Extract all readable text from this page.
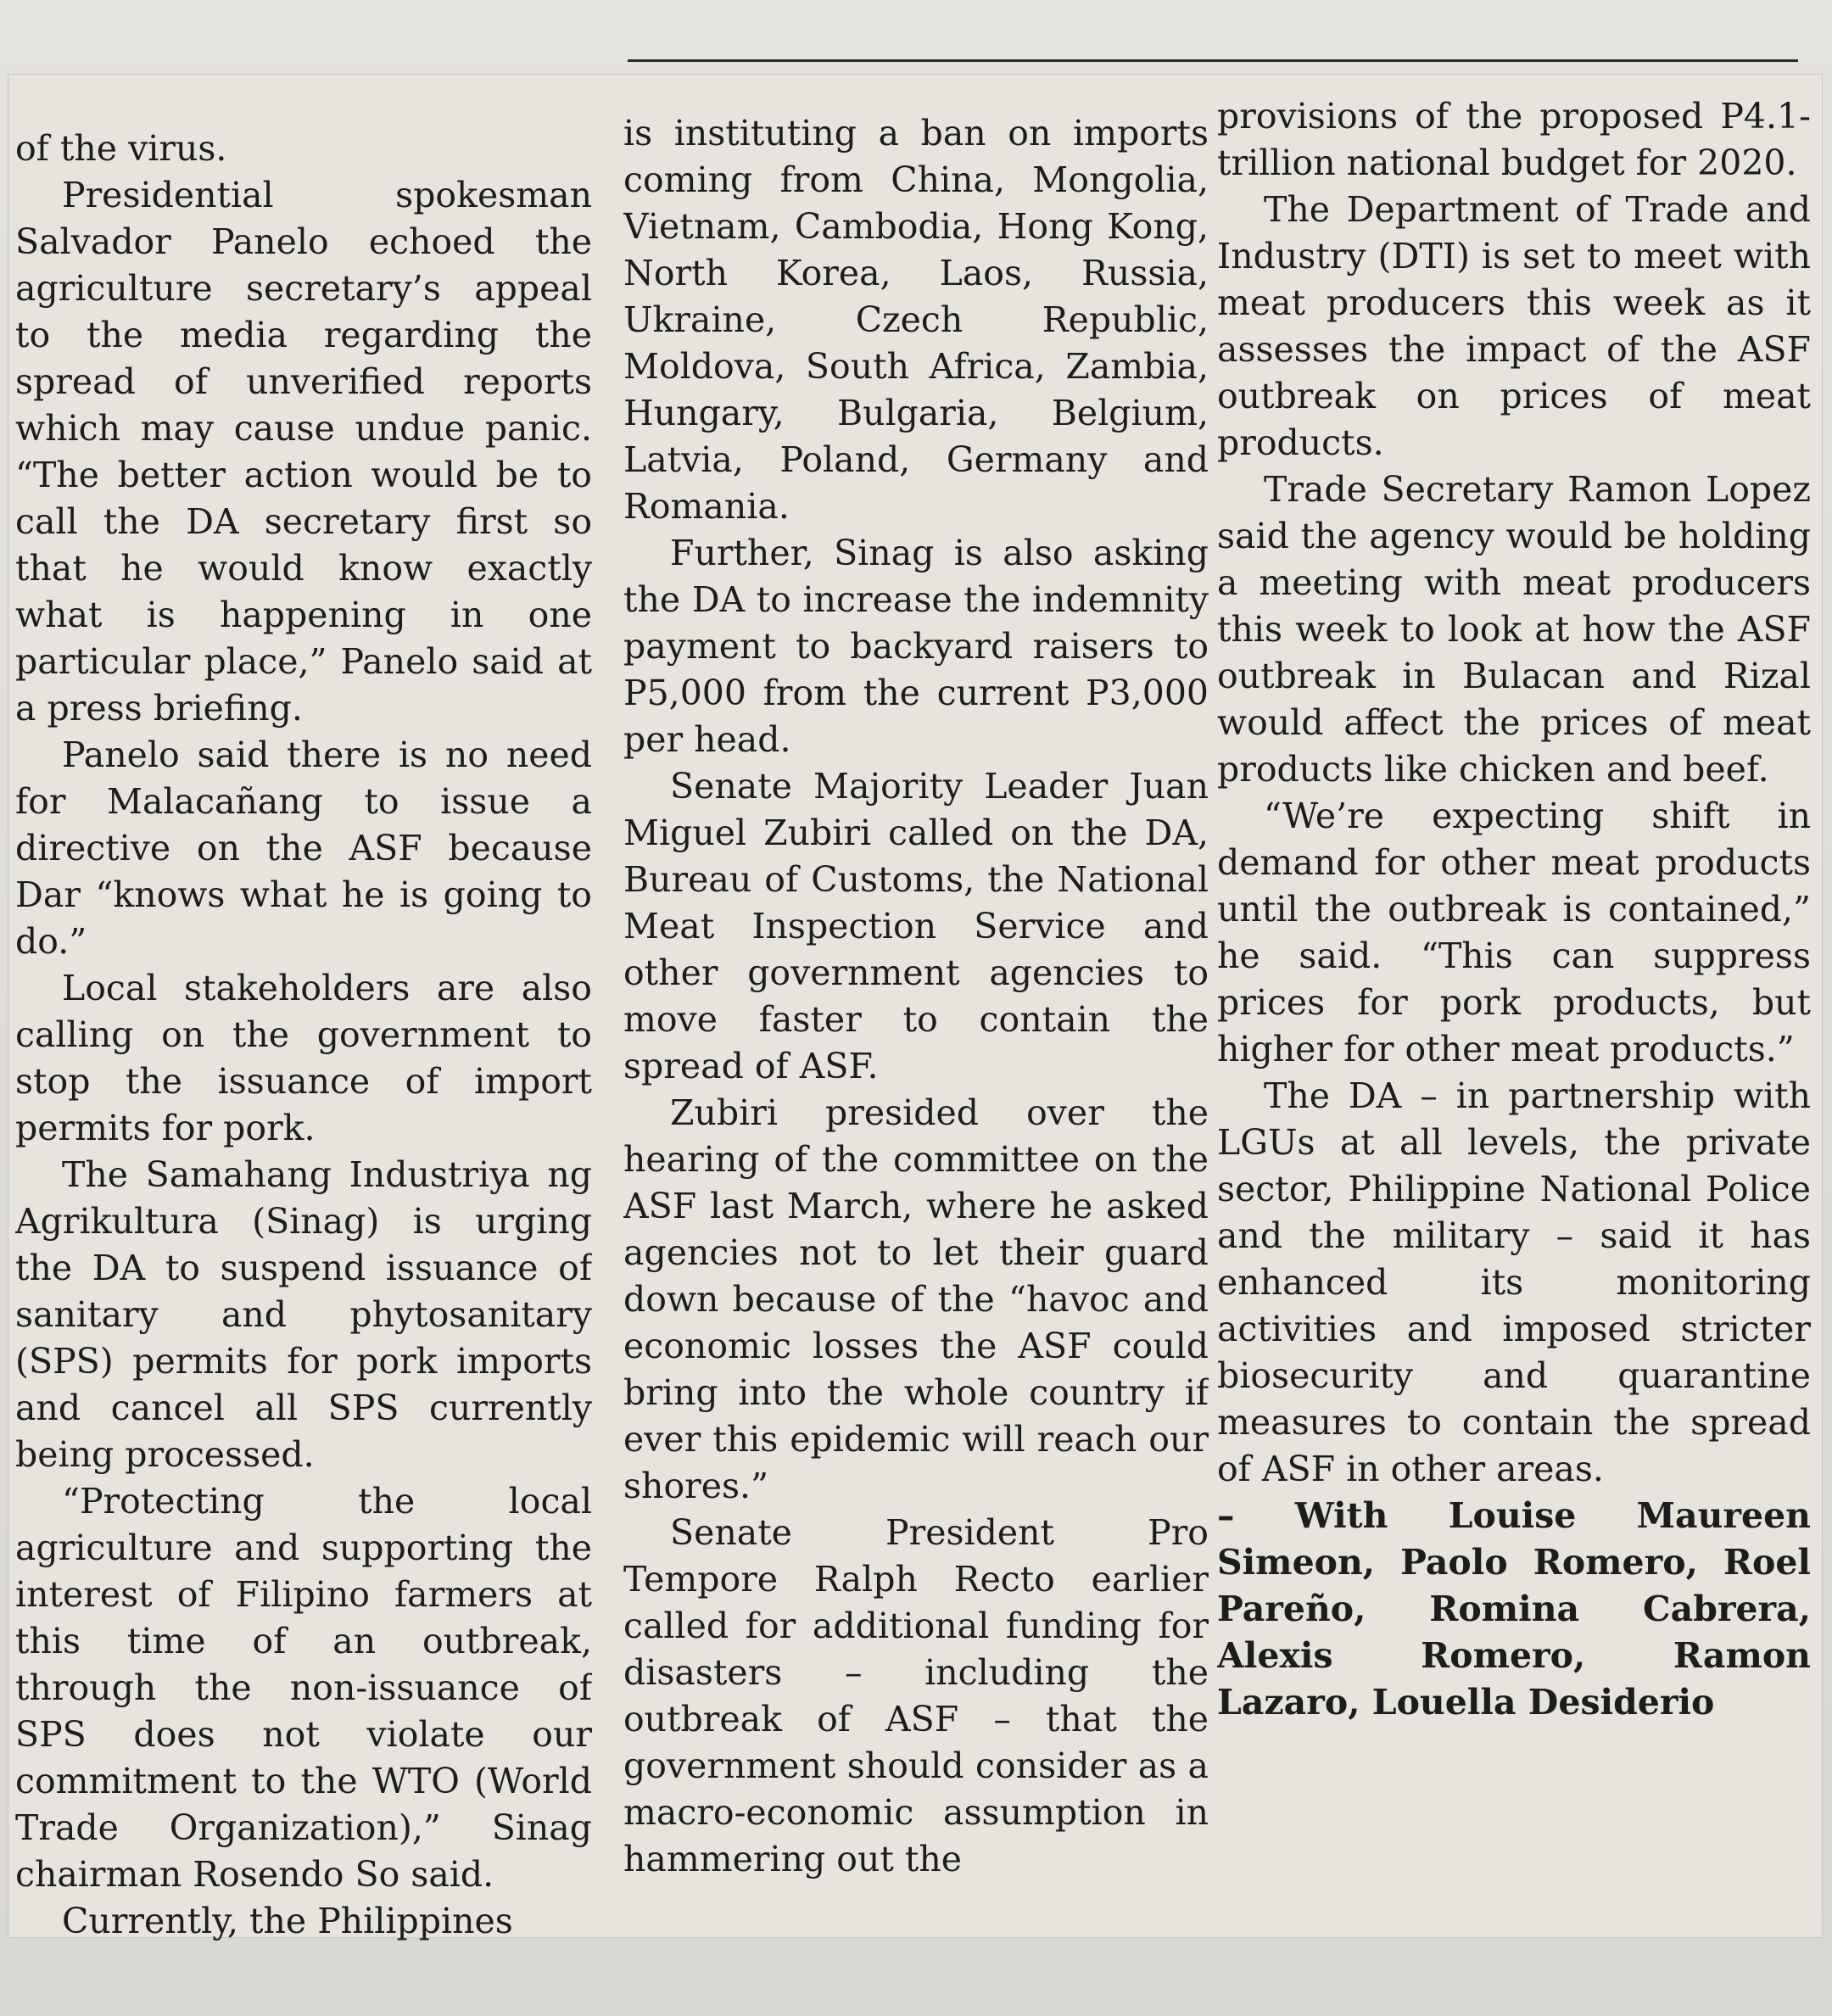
of the virus.

Presidential spokesman Salvador Panelo echoed the agriculture secretary’s appeal to the media regarding the spread of unverified reports which may cause undue panic. “The better action would be to call the DA secretary first so that he would know exactly what is happening in one particular place,” Panelo said at a press briefing.

Panelo said there is no need for Malacañang to issue a directive on the ASF because Dar “knows what he is going to do.”

Local stakeholders are also calling on the government to stop the issuance of import permits for pork.

The Samahang Industriya ng Agrikultura (Sinag) is urging the DA to suspend issuance of sanitary and phytosanitary (SPS) permits for pork imports and cancel all SPS currently being processed.

“Protecting the local agriculture and supporting the interest of Filipino farmers at this time of an outbreak, through the non-issuance of SPS does not violate our commitment to the WTO (World Trade Organization),” Sinag chairman Rosendo So said.

Currently, the Philippines

is instituting a ban on imports coming from China, Mongolia, Vietnam, Cambodia, Hong Kong, North Korea, Laos, Russia, Ukraine, Czech Republic, Moldova, South Africa, Zambia, Hungary, Bulgaria, Belgium, Latvia, Poland, Germany and Romania.

Further, Sinag is also asking the DA to increase the indemnity payment to backyard raisers to P5,000 from the current P3,000 per head.

Senate Majority Leader Juan Miguel Zubiri called on the DA, Bureau of Customs, the National Meat Inspection Service and other government agencies to move faster to contain the spread of ASF.

Zubiri presided over the hearing of the committee on the ASF last March, where he asked agencies not to let their guard down because of the “havoc and economic losses the ASF could bring into the whole country if ever this epidemic will reach our shores.”

Senate President Pro Tempore Ralph Recto earlier called for additional funding for disasters – including the outbreak of ASF – that the government should consider as a macro-economic assumption in hammering out the

provisions of the proposed P4.1-trillion national budget for 2020.

The Department of Trade and Industry (DTI) is set to meet with meat producers this week as it assesses the impact of the ASF outbreak on prices of meat products.

Trade Secretary Ramon Lopez said the agency would be holding a meeting with meat producers this week to look at how the ASF outbreak in Bulacan and Rizal would affect the prices of meat products like chicken and beef.

“We’re expecting shift in demand for other meat products until the outbreak is contained,” he said. “This can suppress prices for pork products, but higher for other meat products.”

The DA – in partnership with LGUs at all levels, the private sector, Philippine National Police and the military – said it has enhanced its monitoring activities and imposed stricter biosecurity and quarantine measures to contain the spread of ASF in other areas.

– With Louise Maureen Simeon, Paolo Romero, Roel Pareño, Romina Cabrera, Alexis Romero, Ramon Lazaro, Louella Desiderio
